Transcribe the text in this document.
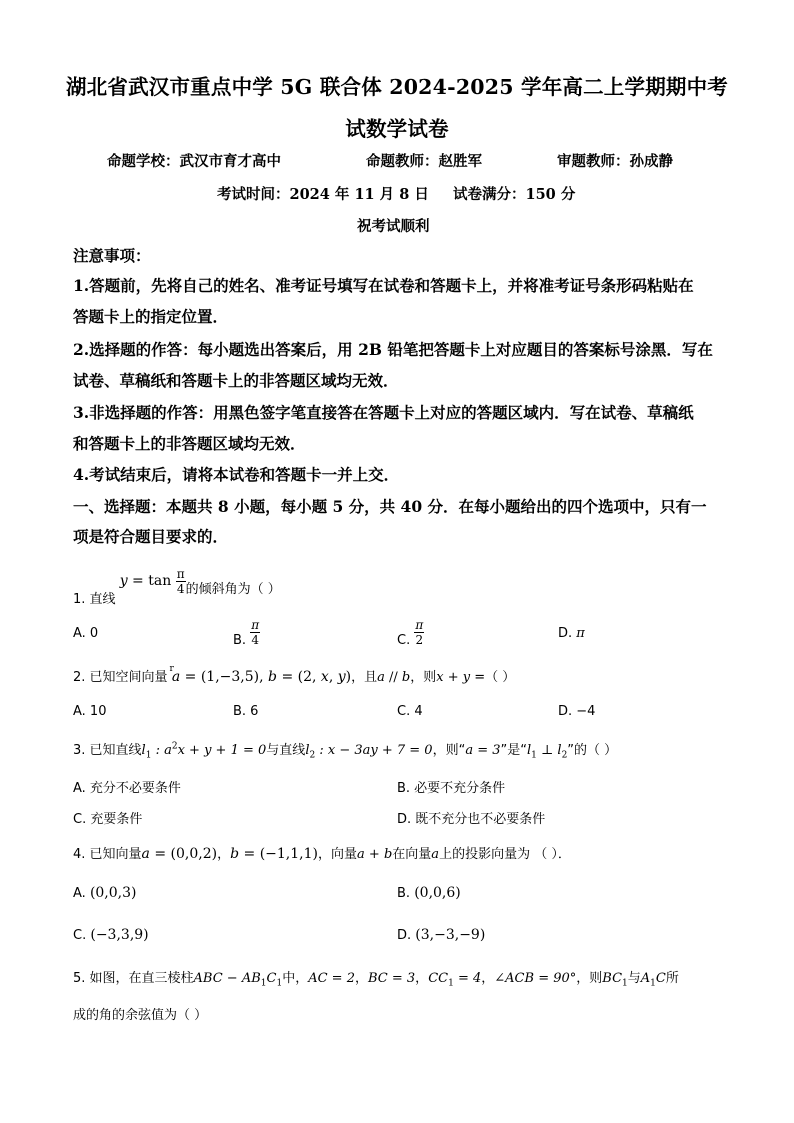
湖北省武汉市重点中学 5G 联合体 2024-2025 学年高二上学期期中考
试数学试卷
命题学校：武汉市育才高中	命题教师：赵胜军	审题教师：孙成静
考试时间：2024 年 11 月 8 日 试卷满分：150 分
祝考试顺利
注意事项：
1.答题前，先将自己的姓名、准考证号填写在试卷和答题卡上，并将准考证号条形码粘贴在
答题卡上的指定位置．
2.选择题的作答：每小题选出答案后，用 2B 铅笔把答题卡上对应题目的答案标号涂黑．写在
试卷、草稿纸和答题卡上的非答题区域均无效．
3.非选择题的作答：用黑色签字笔直接答在答题卡上对应的答题区域内．写在试卷、草稿纸
和答题卡上的非答题区域均无效．
4.考试结束后，请将本试卷和答题卡一并上交．
一、选择题：本题共 8 小题，每小题 5 分，共 40 分．在每小题给出的四个选项中，只有一
项是符合题目要求的．
1. 直线 $y = \tan \frac{\pi}{4}$ 的倾斜角为（ ）
A. 0	B. $\frac{\pi}{4}$	C. $\frac{\pi}{2}$	D. π
2. 已知空间向量$^r$a = (1,−3,5), b = (2, x, y)，且a // b，则x + y =（ ）
A. 10	B. 6	C. 4	D. −4
3. 已知直线$l_1$ : $a^2x + y + 1 = 0$与直线$l_2$ : x − 3ay + 7 = 0，则“a = 3”是“$l_1$ ⊥ $l_2$”的（ ）
A. 充分不必要条件	B. 必要不充分条件
C. 充要条件	D. 既不充分也不必要条件
4. 已知向量a = (0,0,2)，b = (−1,1,1)，向量a + b在向量a上的投影向量为 （ ）．
A. (0,0,3)	B. (0,0,6)
C. (−3,3,9)	D. (3,−3,−9)
5. 如图，在直三棱柱ABC − $AB_1C_1$中，AC = 2，BC = 3，$CC_1 = 4$，∠ACB = 90°，则$BC_1$与$A_1C$所
成的角的余弦值为（ ）
